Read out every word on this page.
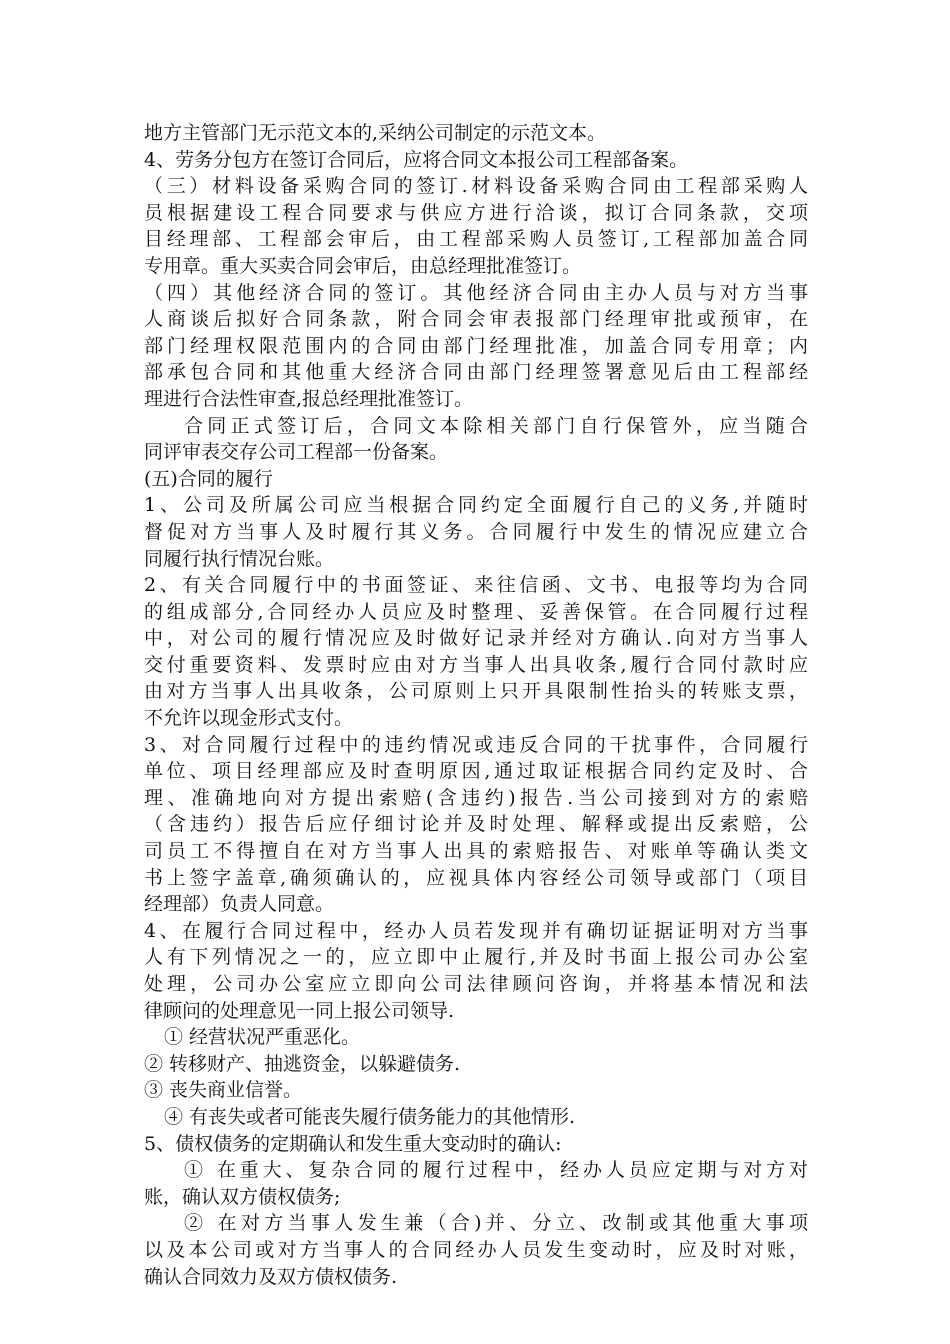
地方主管部门无示范文本的,采纳公司制定的示范文本。
4、劳务分包方在签订合同后，应将合同文本报公司工程部备案。
（三）材料设备采购合同的签订.材料设备采购合同由工程部采购人
员根据建设工程合同要求与供应方进行洽谈，拟订合同条款，交项
目经理部、工程部会审后，由工程部采购人员签订,工程部加盖合同
专用章。重大买卖合同会审后，由总经理批准签订。
（四）其他经济合同的签订。其他经济合同由主办人员与对方当事
人商谈后拟好合同条款，附合同会审表报部门经理审批或预审，在
部门经理权限范围内的合同由部门经理批准，加盖合同专用章；内
部承包合同和其他重大经济合同由部门经理签署意见后由工程部经
理进行合法性审查,报总经理批准签订。
合同正式签订后，合同文本除相关部门自行保管外，应当随合
同评审表交存公司工程部一份备案。
(五)合同的履行
1、公司及所属公司应当根据合同约定全面履行自己的义务,并随时
督促对方当事人及时履行其义务。合同履行中发生的情况应建立合
同履行执行情况台账。
2、有关合同履行中的书面签证、来往信函、文书、电报等均为合同
的组成部分,合同经办人员应及时整理、妥善保管。在合同履行过程
中，对公司的履行情况应及时做好记录并经对方确认.向对方当事人
交付重要资料、发票时应由对方当事人出具收条,履行合同付款时应
由对方当事人出具收条，公司原则上只开具限制性抬头的转账支票，
不允许以现金形式支付。
3、对合同履行过程中的违约情况或违反合同的干扰事件，合同履行
单位、项目经理部应及时查明原因,通过取证根据合同约定及时、合
理、准确地向对方提出索赔(含违约)报告.当公司接到对方的索赔
（含违约）报告后应仔细讨论并及时处理、解释或提出反索赔，公
司员工不得擅自在对方当事人出具的索赔报告、对账单等确认类文
书上签字盖章,确须确认的，应视具体内容经公司领导或部门（项目
经理部）负责人同意。
4、在履行合同过程中，经办人员若发现并有确切证据证明对方当事
人有下列情况之一的，应立即中止履行,并及时书面上报公司办公室
处理，公司办公室应立即向公司法律顾问咨询，并将基本情况和法
律顾问的处理意见一同上报公司领导.
① 经营状况严重恶化。
② 转移财产、抽逃资金，以躲避债务.
③ 丧失商业信誉。
④ 有丧失或者可能丧失履行债务能力的其他情形.
5、债权债务的定期确认和发生重大变动时的确认:
① 在重大、复杂合同的履行过程中，经办人员应定期与对方对
账，确认双方债权债务;
② 在对方当事人发生兼（合)并、分立、改制或其他重大事项
以及本公司或对方当事人的合同经办人员发生变动时，应及时对账，
确认合同效力及双方债权债务.
